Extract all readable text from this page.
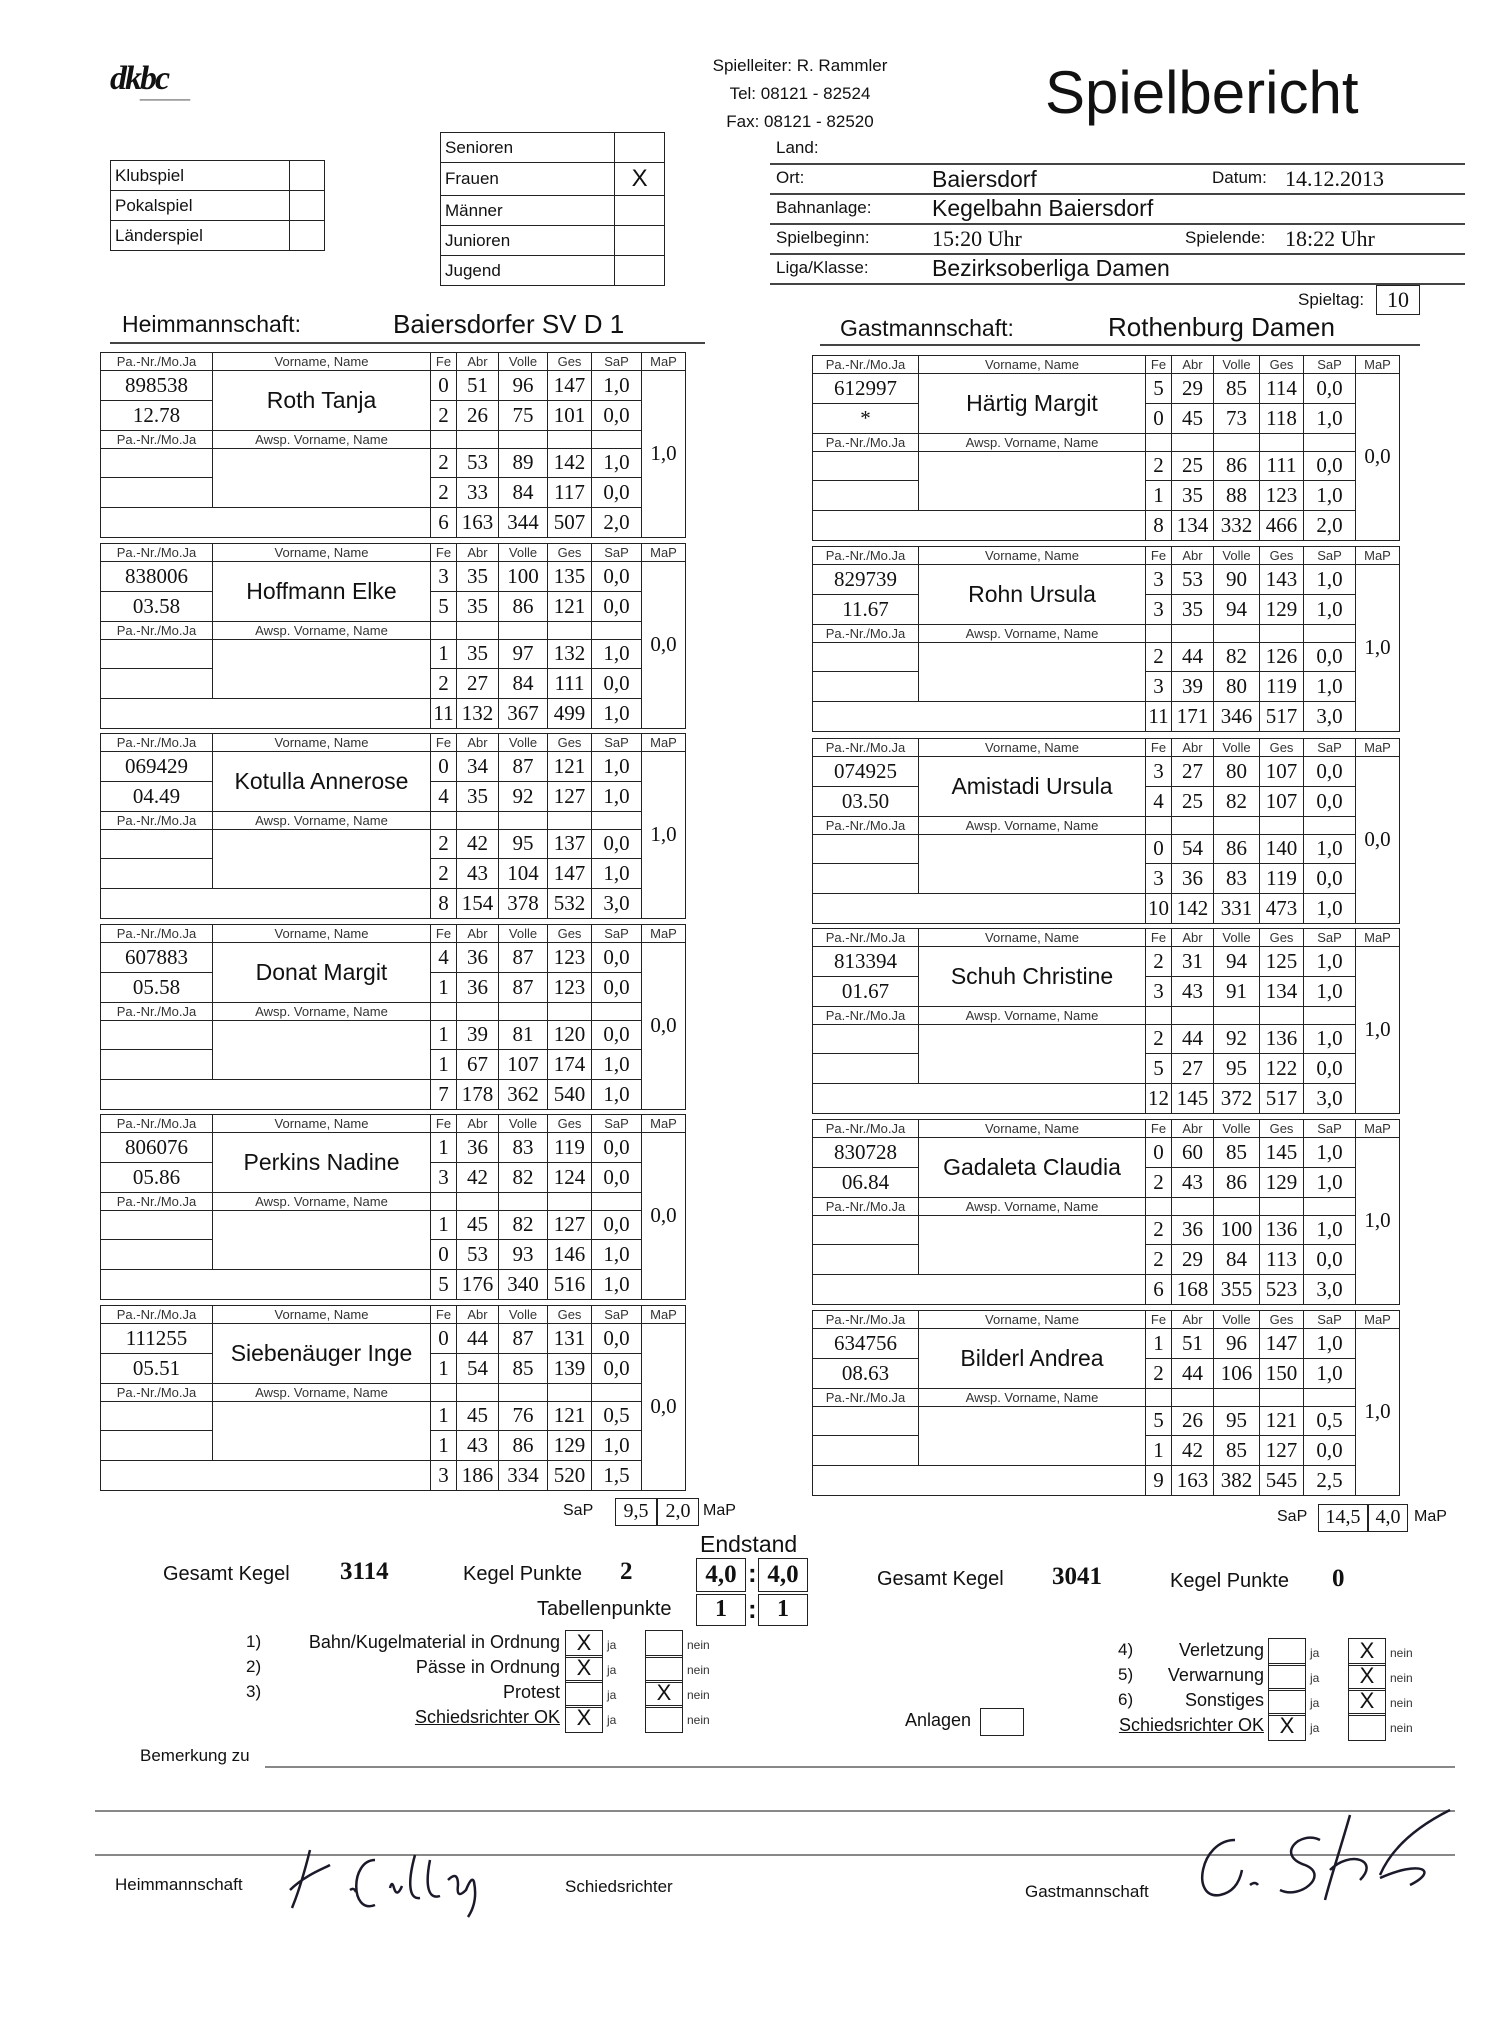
dkbc
━━━━━━━━━━━━━━
Spielleiter: R. Rammler
Tel: 08121 - 82524
Fax: 08121 - 82520	Spielbericht
Klubspiel	
Pokalspiel	
Länderspiel	
Senioren	
Frauen	X
Männer	
Junioren	
Jugend	
Land:
Ort:	Baiersdorf	Datum: 14.12.2013
Bahnanlage:	Kegelbahn Baiersdorf
Spielbeginn:	15:20 Uhr	Spielende: 18:22 Uhr
Liga/Klasse:	Bezirksoberliga Damen
Spieltag:	10
Heimmannschaft:	Baiersdorfer SV D 1	Gastmannschaft:	Rothenburg Damen
Pa.-Nr./Mo.Ja	Vorname, Name	Fe	Abr	Volle	Ges	SaP	MaP
898538	Roth Tanja	0	51	96	147	1,0	1,0
12.78		2	26	75	101	0,0	
Pa.-Nr./Mo.Ja	Awsp. Vorname, Name						
		2	53	89	142	1,0	
		2	33	84	117	0,0	
		6	163	344	507	2,0	
Pa.-Nr./Mo.Ja	Vorname, Name	Fe	Abr	Volle	Ges	SaP	MaP
838006	Hoffmann Elke	3	35	100	135	0,0	0,0
03.58		5	35	86	121	0,0	
Pa.-Nr./Mo.Ja	Awsp. Vorname, Name						
		1	35	97	132	1,0	
		2	27	84	111	0,0	
		11	132	367	499	1,0	
Pa.-Nr./Mo.Ja	Vorname, Name	Fe	Abr	Volle	Ges	SaP	MaP
069429	Kotulla Annerose	0	34	87	121	1,0	1,0
04.49		4	35	92	127	1,0	
Pa.-Nr./Mo.Ja	Awsp. Vorname, Name						
		2	42	95	137	0,0	
		2	43	104	147	1,0	
		8	154	378	532	3,0	
Pa.-Nr./Mo.Ja	Vorname, Name	Fe	Abr	Volle	Ges	SaP	MaP
607883	Donat Margit	4	36	87	123	0,0	0,0
05.58		1	36	87	123	0,0	
Pa.-Nr./Mo.Ja	Awsp. Vorname, Name						
		1	39	81	120	0,0	
		1	67	107	174	1,0	
		7	178	362	540	1,0	
Pa.-Nr./Mo.Ja	Vorname, Name	Fe	Abr	Volle	Ges	SaP	MaP
806076	Perkins Nadine	1	36	83	119	0,0	0,0
05.86		3	42	82	124	0,0	
Pa.-Nr./Mo.Ja	Awsp. Vorname, Name						
		1	45	82	127	0,0	
		0	53	93	146	1,0	
		5	176	340	516	1,0	
Pa.-Nr./Mo.Ja	Vorname, Name	Fe	Abr	Volle	Ges	SaP	MaP
111255	Siebenäuger Inge	0	44	87	131	0,0	0,0
05.51		1	54	85	139	0,0	
Pa.-Nr./Mo.Ja	Awsp. Vorname, Name						
		1	45	76	121	0,5	
		1	43	86	129	1,0	
		3	186	334	520	1,5	
Pa.-Nr./Mo.Ja	Vorname, Name	Fe	Abr	Volle	Ges	SaP	MaP
612997	Härtig Margit	5	29	85	114	0,0	0,0
*		0	45	73	118	1,0	
Pa.-Nr./Mo.Ja	Awsp. Vorname, Name						
		2	25	86	111	0,0	
		1	35	88	123	1,0	
		8	134	332	466	2,0	
Pa.-Nr./Mo.Ja	Vorname, Name	Fe	Abr	Volle	Ges	SaP	MaP
829739	Rohn Ursula	3	53	90	143	1,0	1,0
11.67		3	35	94	129	1,0	
Pa.-Nr./Mo.Ja	Awsp. Vorname, Name						
		2	44	82	126	0,0	
		3	39	80	119	1,0	
		11	171	346	517	3,0	
Pa.-Nr./Mo.Ja	Vorname, Name	Fe	Abr	Volle	Ges	SaP	MaP
074925	Amistadi Ursula	3	27	80	107	0,0	0,0
03.50		4	25	82	107	0,0	
Pa.-Nr./Mo.Ja	Awsp. Vorname, Name						
		0	54	86	140	1,0	
		3	36	83	119	0,0	
		10	142	331	473	1,0	
Pa.-Nr./Mo.Ja	Vorname, Name	Fe	Abr	Volle	Ges	SaP	MaP
813394	Schuh Christine	2	31	94	125	1,0	1,0
01.67		3	43	91	134	1,0	
Pa.-Nr./Mo.Ja	Awsp. Vorname, Name						
		2	44	92	136	1,0	
		5	27	95	122	0,0	
		12	145	372	517	3,0	
Pa.-Nr./Mo.Ja	Vorname, Name	Fe	Abr	Volle	Ges	SaP	MaP
830728	Gadaleta Claudia	0	60	85	145	1,0	1,0
06.84		2	43	86	129	1,0	
Pa.-Nr./Mo.Ja	Awsp. Vorname, Name						
		2	36	100	136	1,0	
		2	29	84	113	0,0	
		6	168	355	523	3,0	
Pa.-Nr./Mo.Ja	Vorname, Name	Fe	Abr	Volle	Ges	SaP	MaP
634756	Bilderl Andrea	1	51	96	147	1,0	1,0
08.63		2	44	106	150	1,0	
Pa.-Nr./Mo.Ja	Awsp. Vorname, Name						
		5	26	95	121	0,5	
		1	42	85	127	0,0	
		9	163	382	545	2,5	
SaP	9,5 2,0 MaP	SaP 14,5 4,0 MaP
Endstand
Gesamt Kegel 3114	Kegel Punkte 2	4,0 : 4,0
Tabellenpunkte	1 : 1
Gesamt Kegel 3041	Kegel Punkte 0
1)	Bahn/Kugelmaterial in Ordnung X	ja	nein
2)	Pässe in Ordnung X	ja	nein
3)	Protest	ja	X	nein
Schiedsrichter OK X	ja	nein
4)	Verletzung	ja	X	nein
5) Verwarnung	ja	X	nein
6)	Sonstiges	ja	X	nein
Schiedsrichter OK X	ja	nein
Anlagen
Bemerkung zu
Heimmannschaft	Schiedsrichter	Gastmannschaft
